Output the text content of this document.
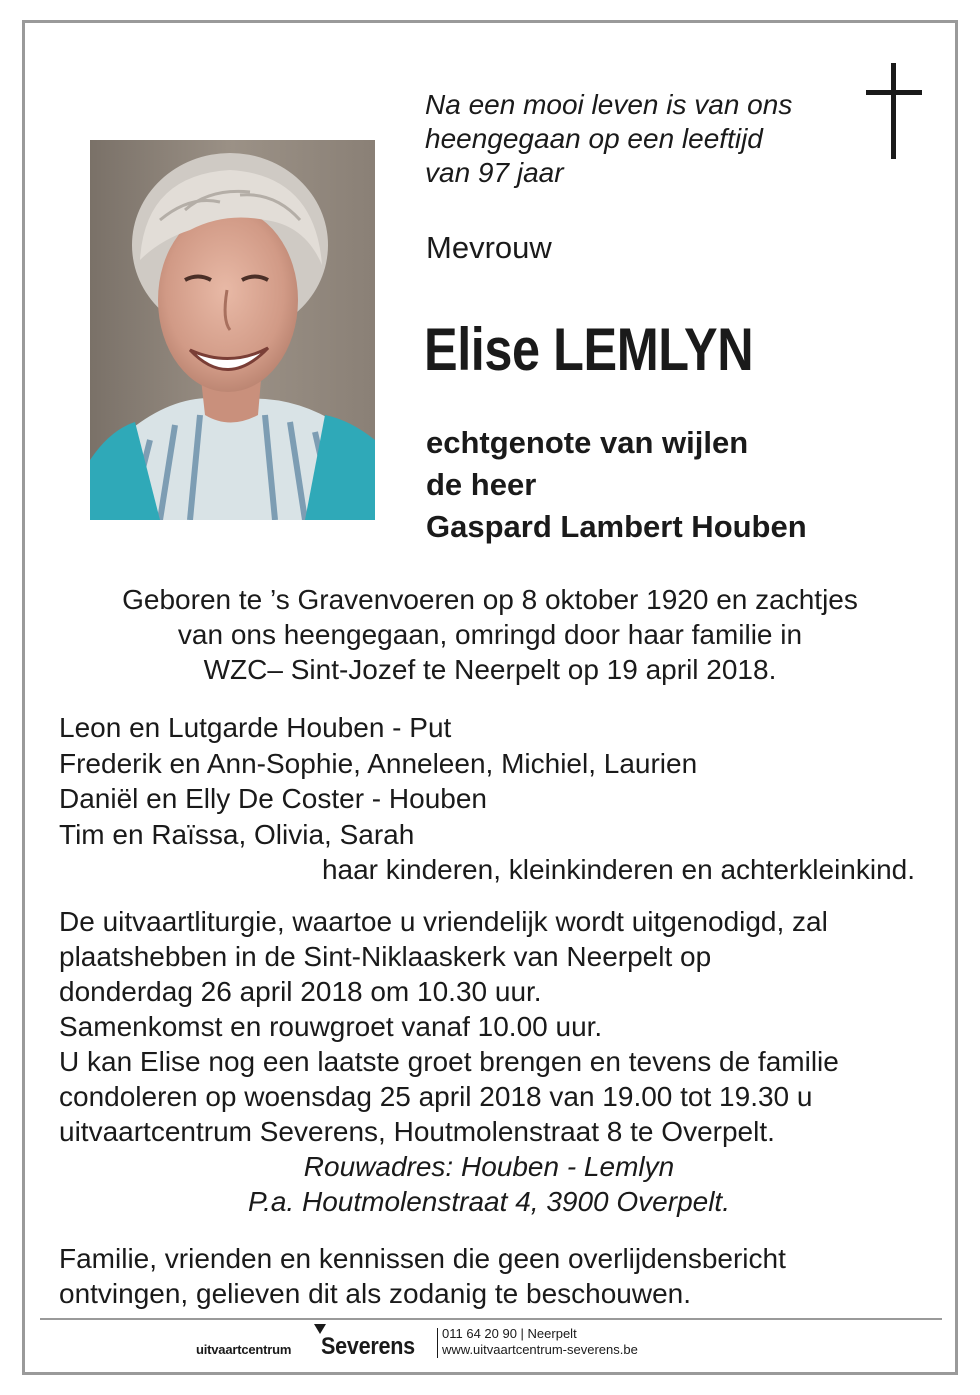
Na een mooi leven is van ons
heengegaan op een leeftijd
van 97 jaar
Mevrouw
Elise LEMLYN
echtgenote van wijlen
de heer
Gaspard Lambert Houben
Geboren te ’s Gravenvoeren op 8 oktober 1920 en zachtjes
van ons heengegaan, omringd door haar familie in
WZC– Sint-Jozef te Neerpelt op 19 april 2018.
Leon en Lutgarde Houben - Put
Frederik en Ann-Sophie, Anneleen, Michiel, Laurien
Daniël en Elly De Coster - Houben
Tim en Raïssa, Olivia, Sarah
haar kinderen, kleinkinderen en achterkleinkind.
De uitvaartliturgie, waartoe u vriendelijk wordt uitgenodigd, zal
plaatshebben in de Sint-Niklaaskerk van Neerpelt op
donderdag 26 april 2018 om 10.30 uur.
Samenkomst en rouwgroet vanaf 10.00 uur.
U kan Elise nog een laatste groet brengen en tevens de familie
condoleren op woensdag 25 april 2018 van 19.00 tot 19.30 u
uitvaartcentrum Severens, Houtmolenstraat 8 te Overpelt.
Rouwadres: Houben - Lemlyn
P.a. Houtmolenstraat 4, 3900 Overpelt.
Familie, vrienden en kennissen die geen overlijdensbericht
ontvingen, gelieven dit als zodanig te beschouwen.
uitvaartcentrum Severens 011 64 20 90 | Neerpelt
www.uitvaartcentrum-severens.be
